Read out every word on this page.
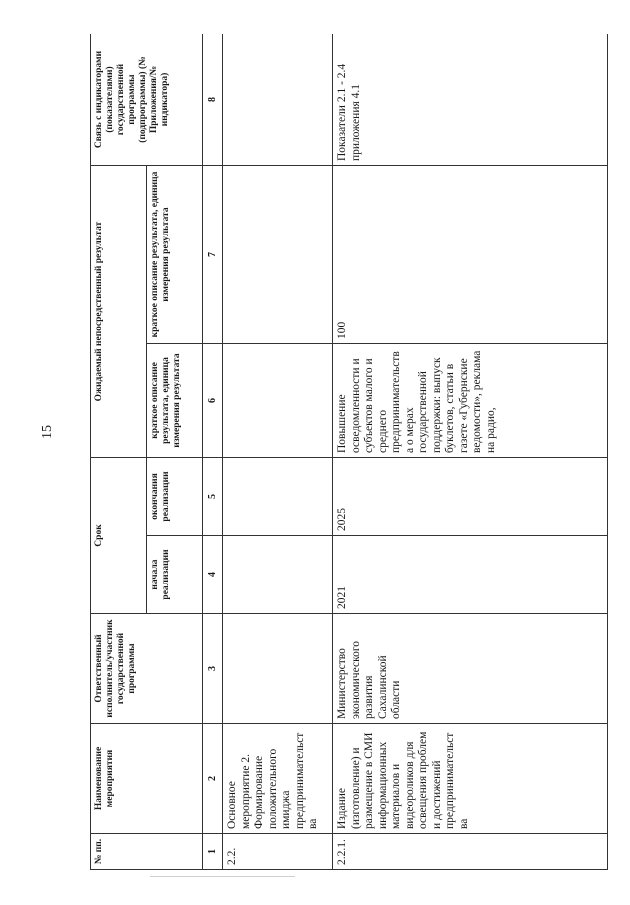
15
№ пп.	Наименование мероприятия	Ответственный исполнитель/участник государственной программы	Срок		Ожидаемый непосредственный результат		Связь с индикаторами (показателями) государственной программы (подпрограммы) (№ Приложения/№ индикатора)
			начала реализации	окончания реализации	краткое описание результата, единица измерения результата	краткое описание результата, единица измерения результата	
1	2	3	4	5	6	7	8
2.2.	Основное мероприятие 2. Формирование положительного имиджа предпринимательства						
2.2.1.	Издание (изготовление) и размещение в СМИ информационных материалов и видеороликов для освещения проблем и достижений предпринимательства	Министерство экономического развития Сахалинской области	2021	2025	Повышение осведомленности и субъектов малого и среднего предпринимательства о мерах государственной поддержки: выпуск буклетов, статьи в газете «Губернские ведомости», реклама на радио,	100	Показатели 2.1 - 2.4 приложения 4.1
